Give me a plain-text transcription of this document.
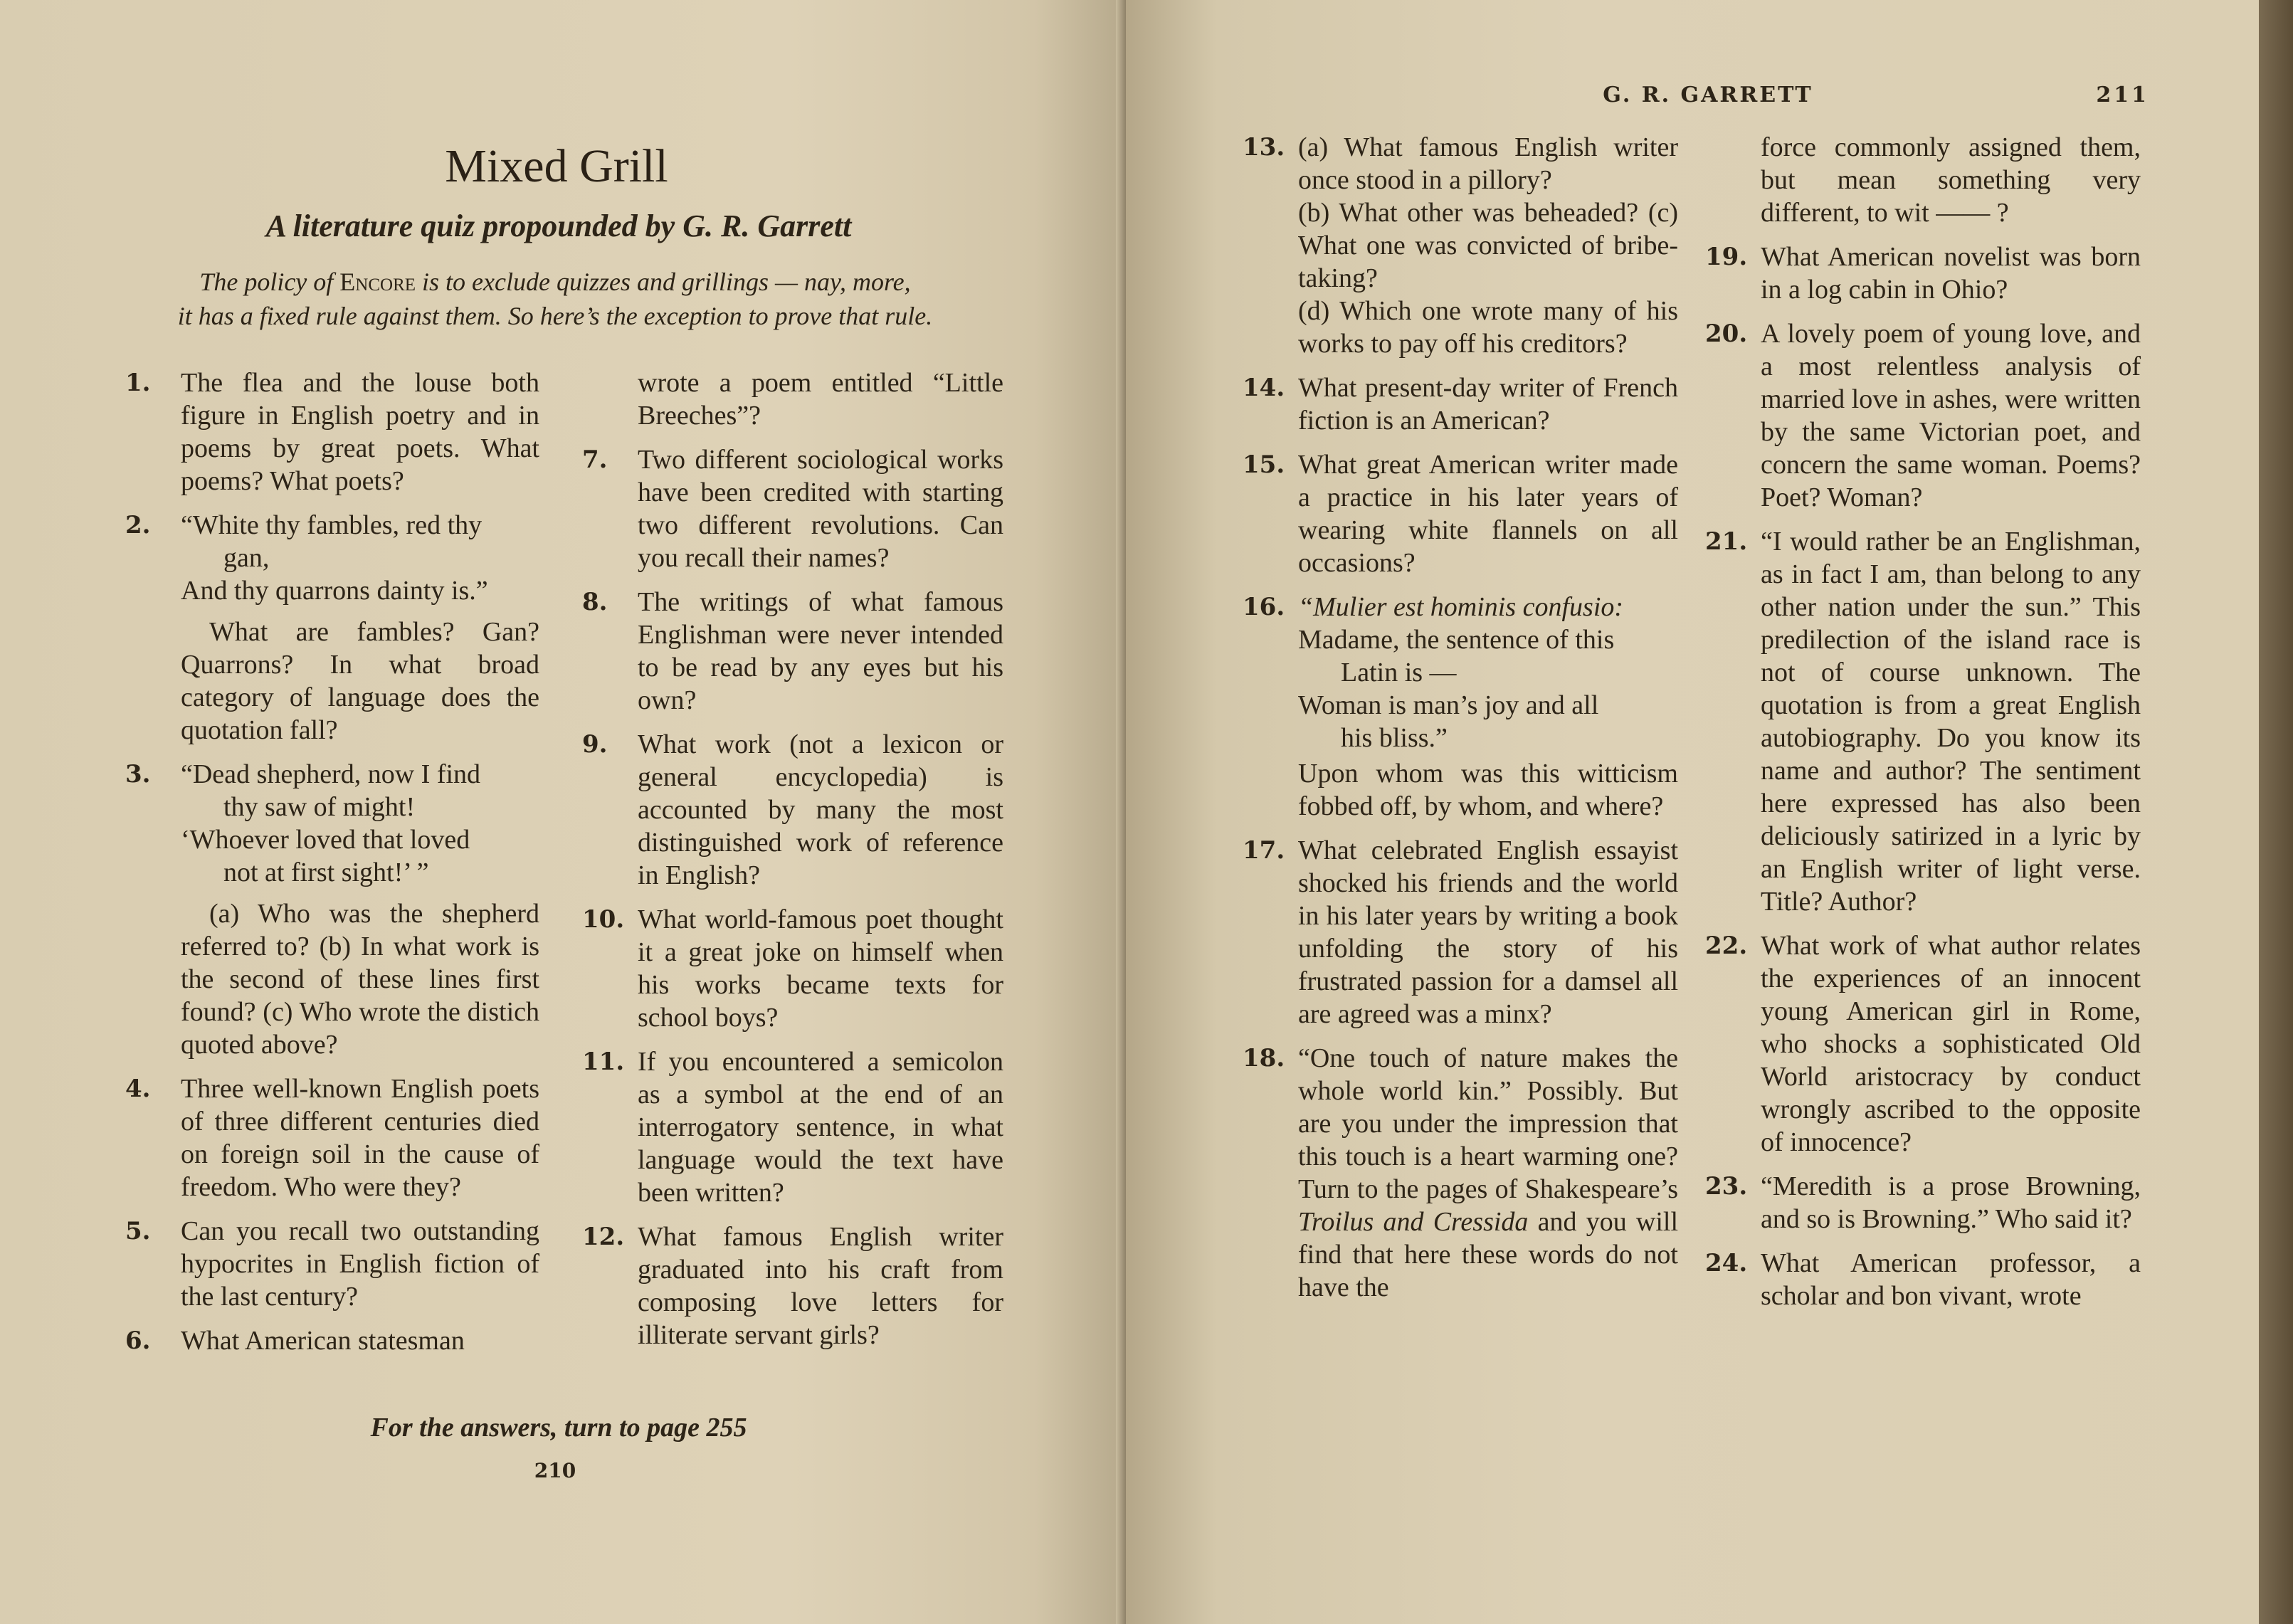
Mixed Grill
A literature quiz propounded by G. R. Garrett

The policy of Encore is to exclude quizzes and grillings — nay, more,
it has a fixed rule against them. So here’s the exception to prove that rule.

1.	The flea and the louse both figure in English poetry and in poems by great poets. What poems? What poets?

2.	“White thy fambles, red thy

gan,
And thy quarrons dainty is.”

What are fambles? Gan? Quarrons? In what broad category of language does the quotation fall?

3.	“Dead shepherd, now I find

thy saw of might!
‘Whoever loved that loved

not at first sight!’ ”

(a) Who was the shepherd referred to? (b) In what work is the second of these lines first found? (c) Who wrote the distich quoted above?

4.	Three well-known English poets of three different centuries died on foreign soil in the cause of freedom. Who were they?

5.	Can you recall two outstanding hypocrites in English fiction of the last century?

6.	What American statesman

wrote a poem entitled “Little Breeches”?
7.	Two different sociological works have been credited with starting two different revolutions. Can you recall their names?

8.	The writings of what famous Englishman were never intended to be read by any eyes but his own?

9.	What work (not a lexicon or general encyclopedia) is accounted by many the most distinguished work of reference in English?

10. What world-famous poet thought it a great joke on himself when his works became texts for school boys?

11. If you encountered a semicolon as a symbol at the end of an interrogatory sentence, in what language would the text have been written?

12. What famous English writer graduated into his craft from composing love letters for illiterate servant girls?

For the answers, turn to page 255

210

G. R. GARRETT	211

13. (a) What famous English writer once stood in a pillory?

(b) What other was beheaded? (c) What one was convicted of bribe-taking?

(d) Which one wrote many of his works to pay off his creditors?

14. What present-day writer of French fiction is an American?

15. What great American writer made a practice in his later years of wearing white flannels on all occasions?

16. “Mulier est hominis confusio:
Madame, the sentence of this

Latin is —
Woman is man’s joy and all

his bliss.”

Upon whom was this witticism fobbed off, by whom, and where?

17. What celebrated English essayist shocked his friends and the world in his later years by writing a book unfolding the story of his frustrated passion for a damsel all are agreed was a minx?

18. “One touch of nature makes the whole world kin.” Possibly. But are you under the impression that this touch is a heart warming one? Turn to the pages of Shakespeare’s Troilus and Cressida and you will find that here these words do not have the

force commonly assigned them, but mean something very different, to wit —— ?
19. What American novelist was born in a log cabin in Ohio?

20. A lovely poem of young love, and a most relentless analysis of married love in ashes, were written by the same Victorian poet, and concern the same woman. Poems? Poet? Woman?

21. “I would rather be an Englishman, as in fact I am, than belong to any other nation under the sun.” This predilection of the island race is not of course unknown. The quotation is from a great English autobiography. Do you know its name and author? The sentiment here expressed has also been deliciously satirized in a lyric by an English writer of light verse. Title? Author?

22. What work of what author relates the experiences of an innocent young American girl in Rome, who shocks a sophisticated Old World aristocracy by conduct wrongly ascribed to the opposite of innocence?

23. “Meredith is a prose Browning, and so is Browning.” Who said it?

24. What American professor, a scholar and bon vivant, wrote
